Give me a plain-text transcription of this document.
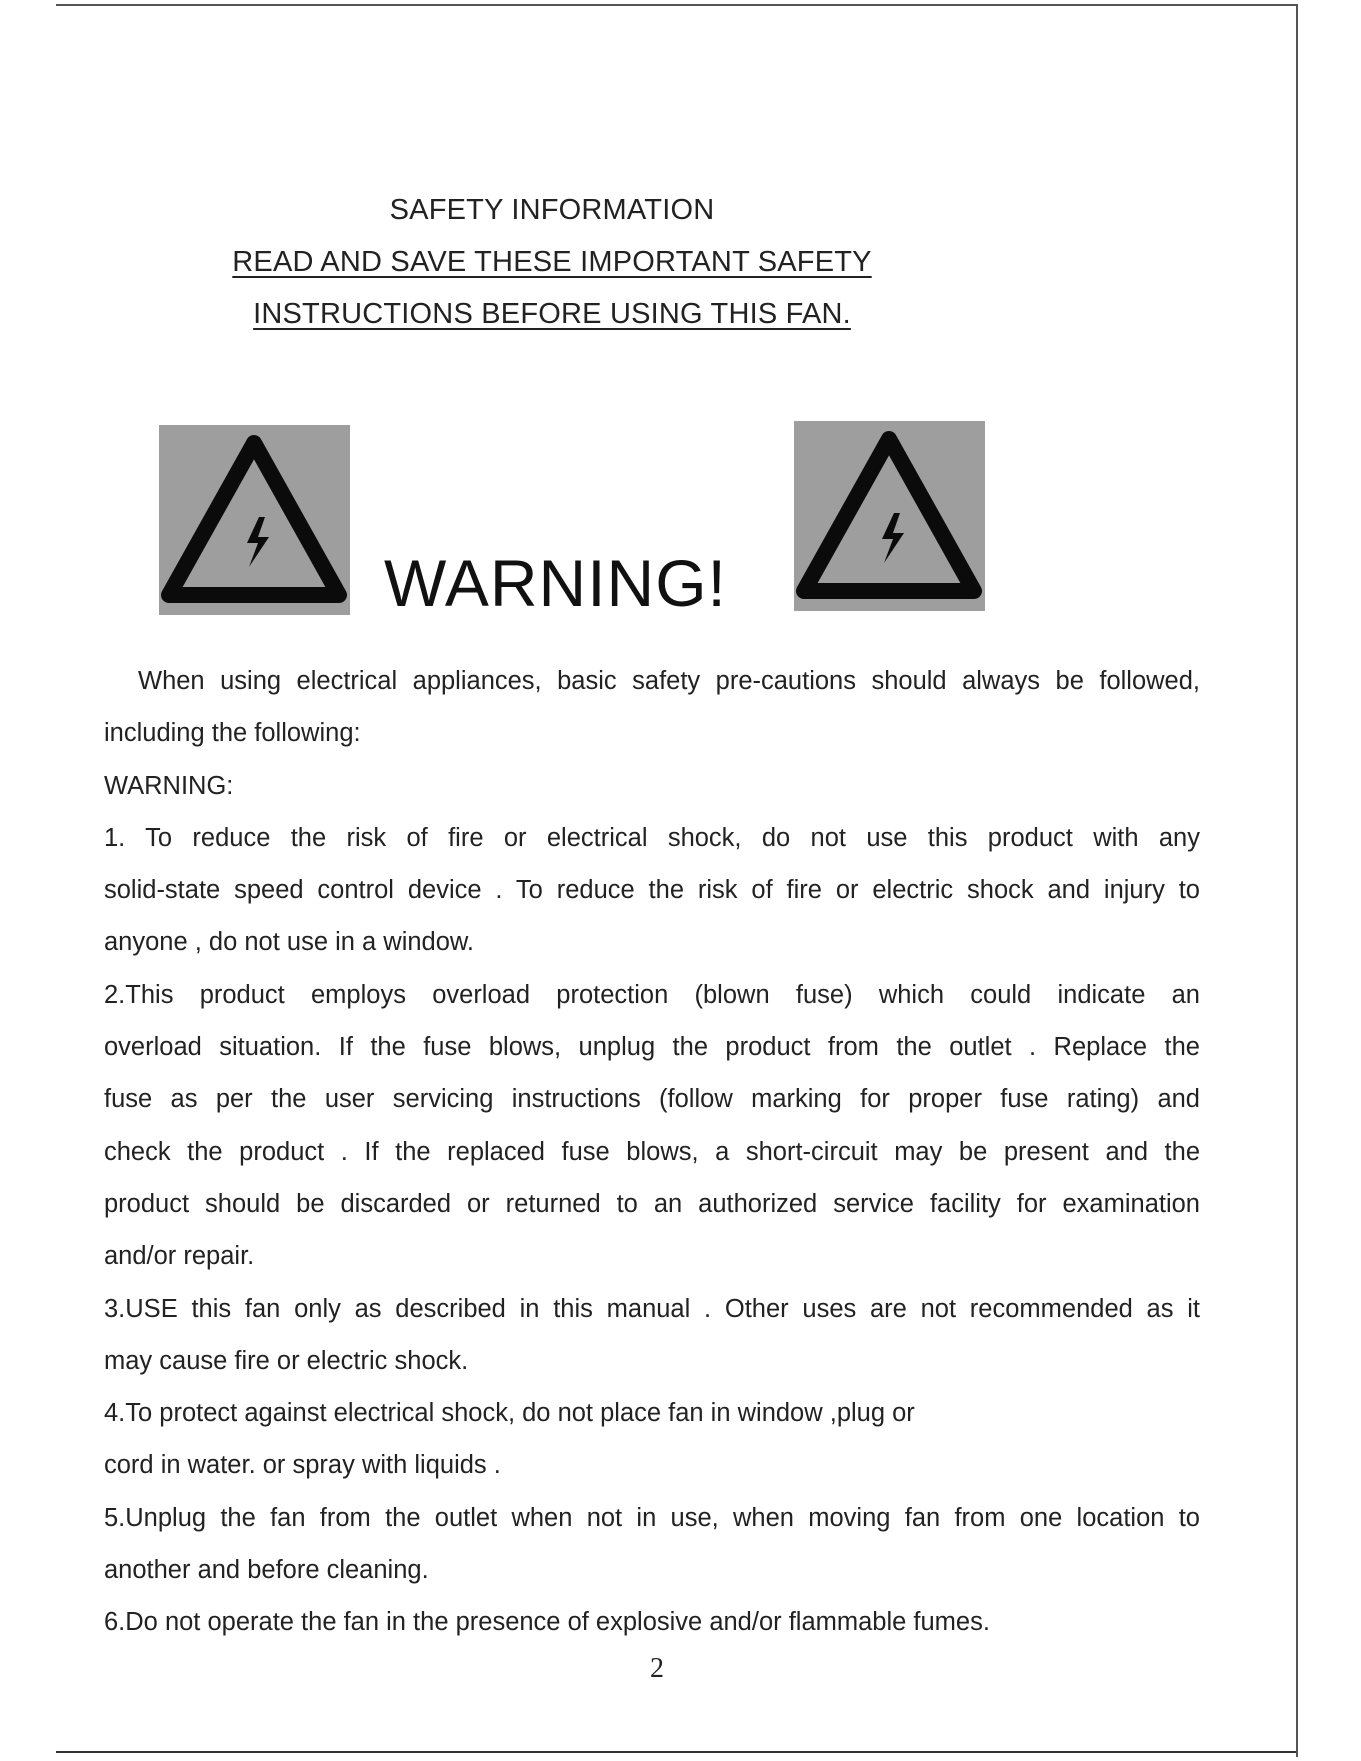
SAFETY INFORMATION
READ AND SAVE THESE IMPORTANT SAFETY
INSTRUCTIONS BEFORE USING THIS FAN.
WARNING!
When using electrical appliances, basic safety pre-cautions should always be followed,
including the following:
WARNING:
1. To reduce the risk of fire or electrical shock, do not use this product with any
solid-state speed control device . To reduce the risk of fire or electric shock and injury to
anyone , do not use in a window.
2.This product employs overload protection (blown fuse) which could indicate an
overload situation. If the fuse blows, unplug the product from the outlet . Replace the
fuse as per the user servicing instructions (follow marking for proper fuse rating) and
check the product . If the replaced fuse blows, a short-circuit may be present and the
product should be discarded or returned to an authorized service facility for examination
and/or repair.
3.USE this fan only as described in this manual . Other uses are not recommended as it
may cause fire or electric shock.
4.To protect against electrical shock, do not place fan in window ,plug or
cord in water. or spray with liquids .
5.Unplug the fan from the outlet when not in use, when moving fan from one location to
another and before cleaning.
6.Do not operate the fan in the presence of explosive and/or flammable fumes.
2
